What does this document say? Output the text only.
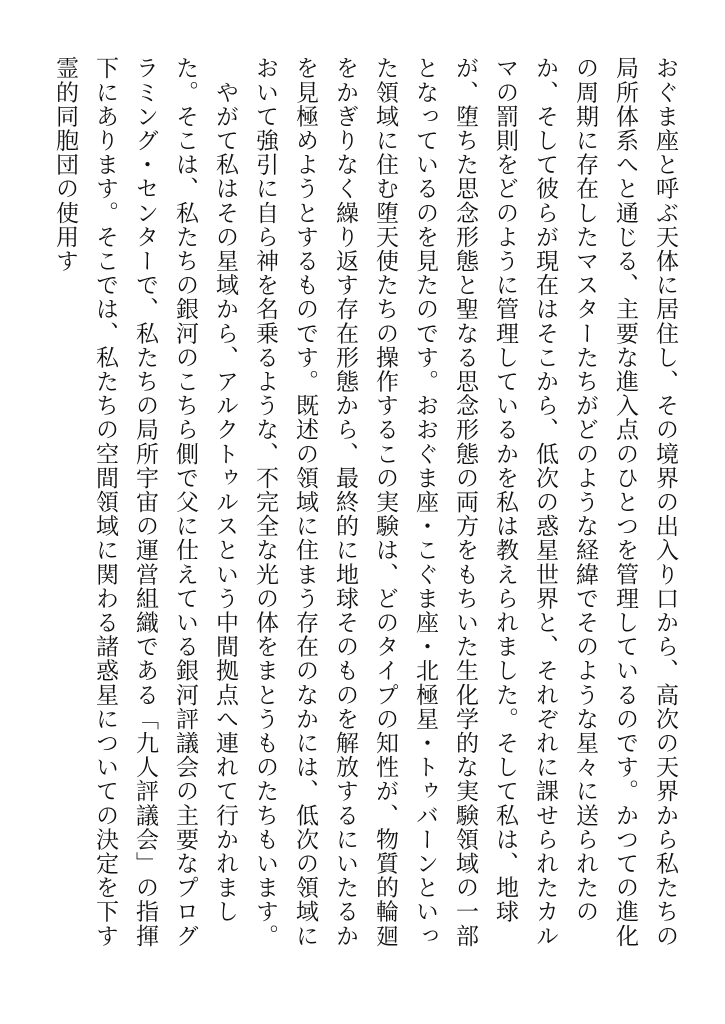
おぐま座と呼ぶ天体に居住し、その境界の出入り口から、高次の天界から私たちの局所体系へと通じる、主要な進入点のひとつを管理しているのです。かつての進化の周期に存在したマスターたちがどのような経緯でそのような星々に送られたのか、そして彼らが現在はそこから、低次の惑星世界と、それぞれに課せられたカルマの罰則をどのように管理しているかを私は教えられました。そして私は、地球が、堕ちた思念形態と聖なる思念形態の両方をもちいた生化学的な実験領域の一部となっているのを見たのです。おおぐま座・こぐま座・北極星・トゥバーンといった領域に住む堕天使たちの操作するこの実験は、どのタイプの知性が、物質的輪廻をかぎりなく繰り返す存在形態から、最終的に地球そのものを解放するにいたるかを見極めようとするものです。既述の領域に住まう存在のなかには、低次の領域において強引に自ら神を名乗るような、不完全な光の体をまとうものたちもいます。

　やがて私はその星域から、アルクトゥルスという中間拠点へ連れて行かれました。そこは、私たちの銀河のこちら側で父に仕えている銀河評議会の主要なプログラミング・センターで、私たちの局所宇宙の運営組織である「九人評議会」の指揮下にあります。そこでは、私たちの空間領域に関わる諸惑星についての決定を下す霊的同胞団の使用す
